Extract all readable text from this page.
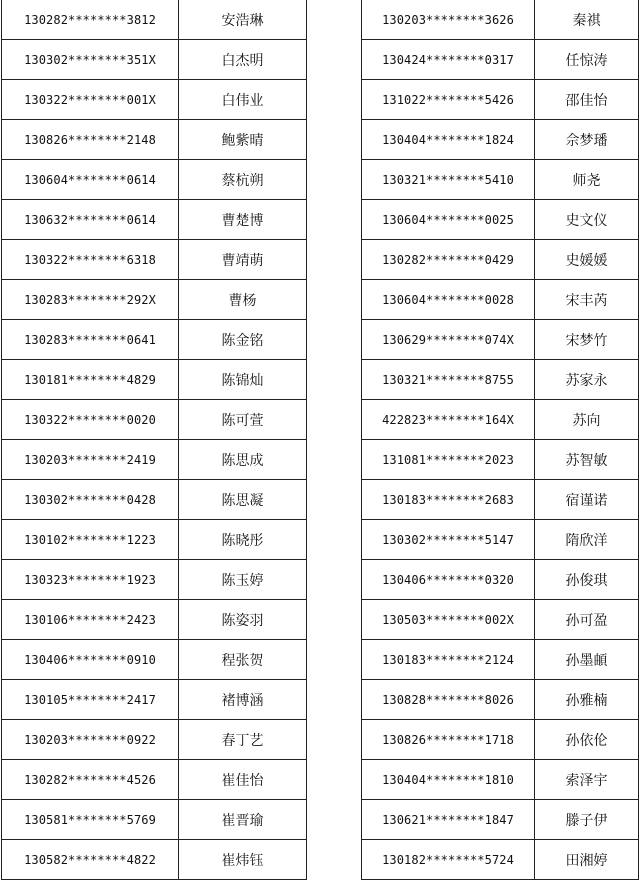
130282********3812	安浩琳
130302********351X	白杰明
130322********001X	白伟业
130826********2148	鲍紫晴
130604********0614	蔡杭朔
130632********0614	曹楚博
130322********6318	曹靖萌
130283********292X	曹杨
130283********0641	陈金铭
130181********4829	陈锦灿
130322********0020	陈可萱
130203********2419	陈思成
130302********0428	陈思凝
130102********1223	陈晓彤
130323********1923	陈玉婷
130106********2423	陈姿羽
130406********0910	程张贺
130105********2417	褚博涵
130203********0922	春丁艺
130282********4526	崔佳怡
130581********5769	崔晋瑜
130582********4822	崔炜钰
130203********3626	秦祺
130424********0317	任惊涛
131022********5426	邵佳怡
130404********1824	佘梦璠
130321********5410	师尧
130604********0025	史文仪
130282********0429	史媛媛
130604********0028	宋丰芮
130629********074X	宋梦竹
130321********8755	苏家永
422823********164X	苏向
131081********2023	苏智敏
130183********2683	宿谨诺
130302********5147	隋欣洋
130406********0320	孙俊琪
130503********002X	孙可盈
130183********2124	孙墨頔
130828********8026	孙雅楠
130826********1718	孙依伦
130404********1810	索泽宇
130621********1847	滕子伊
130182********5724	田湘婷
